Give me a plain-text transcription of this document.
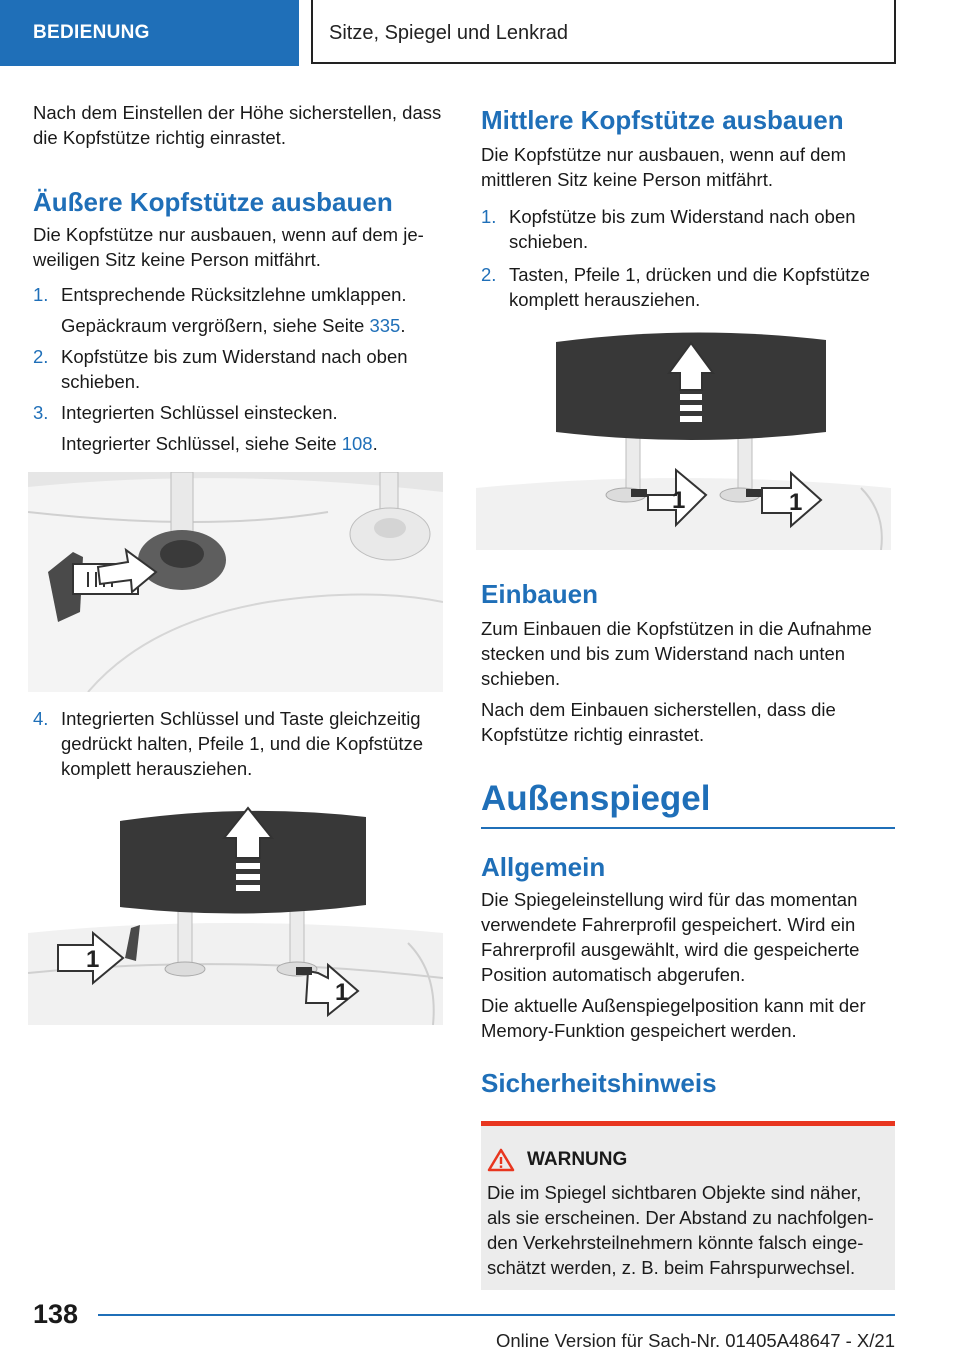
BEDIENUNG	Sitze, Spiegel und Lenkrad

Nach dem Einstellen der Höhe sicherstellen, dass die Kopfstütze richtig einrastet.

Äußere Kopfstütze ausbauen

Die Kopfstütze nur ausbauen, wenn auf dem je-weiligen Sitz keine Person mitfährt.

1. Entsprechende Rücksitzlehne umklappen.
Gepäckraum vergrößern, siehe Seite 335.
2. Kopfstütze bis zum Widerstand nach oben schieben.
3. Integrierten Schlüssel einstecken.
Integrierter Schlüssel, siehe Seite 108.
4. Integrierten Schlüssel und Taste gleichzeitig gedrückt halten, Pfeile 1, und die Kopfstütze komplett herausziehen.
1
1
Mittlere Kopfstütze ausbauen

Die Kopfstütze nur ausbauen, wenn auf dem mittleren Sitz keine Person mitfährt.

1. Kopfstütze bis zum Widerstand nach oben schieben.
2. Tasten, Pfeile 1, drücken und die Kopfstütze komplett herausziehen.
1	1
Einbauen

Zum Einbauen die Kopfstützen in die Aufnahme stecken und bis zum Widerstand nach unten schieben.

Nach dem Einbauen sicherstellen, dass die Kopfstütze richtig einrastet.

Außenspiegel
Allgemein

Die Spiegeleinstellung wird für das momentan verwendete Fahrerprofil gespeichert. Wird ein Fahrerprofil ausgewählt, wird die gespeicherte Position automatisch abgerufen.

Die aktuelle Außenspiegelposition kann mit der Memory-Funktion gespeichert werden.

Sicherheitshinweis
WARNUNG

Die im Spiegel sichtbaren Objekte sind näher, als sie erscheinen. Der Abstand zu nachfolgen-den Verkehrsteilnehmern könnte falsch einge-schätzt werden, z. B. beim Fahrspurwechsel.

138
Online Version für Sach-Nr. 01405A48647 - X/21
